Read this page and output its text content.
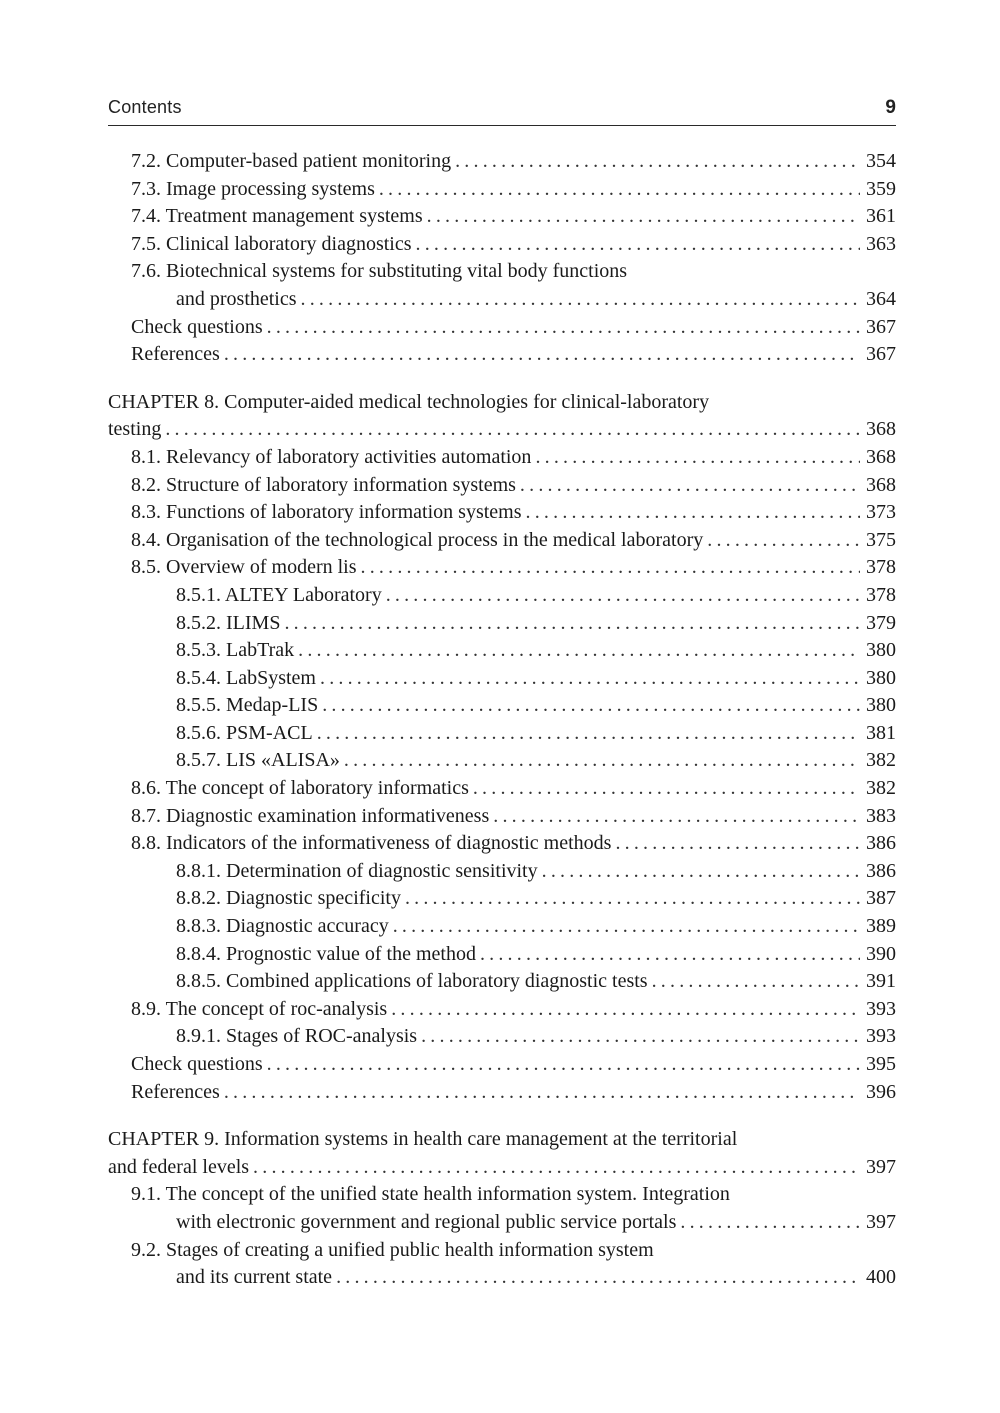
Contents	9
7.2. Computer-based patient monitoring .....	354
7.3. Image processing systems .....	359
7.4. Treatment management systems .....	361
7.5. Clinical laboratory diagnostics .....	363
7.6. Biotechnical systems for substituting vital body functions
and prosthetics .....	364
Check questions .....	367
References .....	367
CHAPTER 8. Computer-aided medical technologies for clinical-laboratory
testing .....	368
8.1. Relevancy of laboratory activities automation .....	368
8.2. Structure of laboratory information systems .....	368
8.3. Functions of laboratory information systems .....	373
8.4. Organisation of the technological process in the medical laboratory .....	375
8.5. Overview of modern lis .....	378
8.5.1. ALTEY Laboratory .....	378
8.5.2. ILIMS .....	379
8.5.3. LabTrak .....	380
8.5.4. LabSystem .....	380
8.5.5. Medap-LIS .....	380
8.5.6. PSM-ACL .....	381
8.5.7. LIS «ALISA» .....	382
8.6. The concept of laboratory informatics .....	382
8.7. Diagnostic examination informativeness .....	383
8.8. Indicators of the informativeness of diagnostic methods .....	386
8.8.1. Determination of diagnostic sensitivity .....	386
8.8.2. Diagnostic specificity .....	387
8.8.3. Diagnostic accuracy .....	389
8.8.4. Prognostic value of the method .....	390
8.8.5. Combined applications of laboratory diagnostic tests .....	391
8.9. The concept of roc-analysis .....	393
8.9.1. Stages of ROC-analysis .....	393
Check questions .....	395
References .....	396
CHAPTER 9. Information systems in health care management at the territorial
and federal levels .....	397
9.1. The concept of the unified state health information system. Integration
with electronic government and regional public service portals .....	397
9.2. Stages of creating a unified public health information system
and its current state .....	400
